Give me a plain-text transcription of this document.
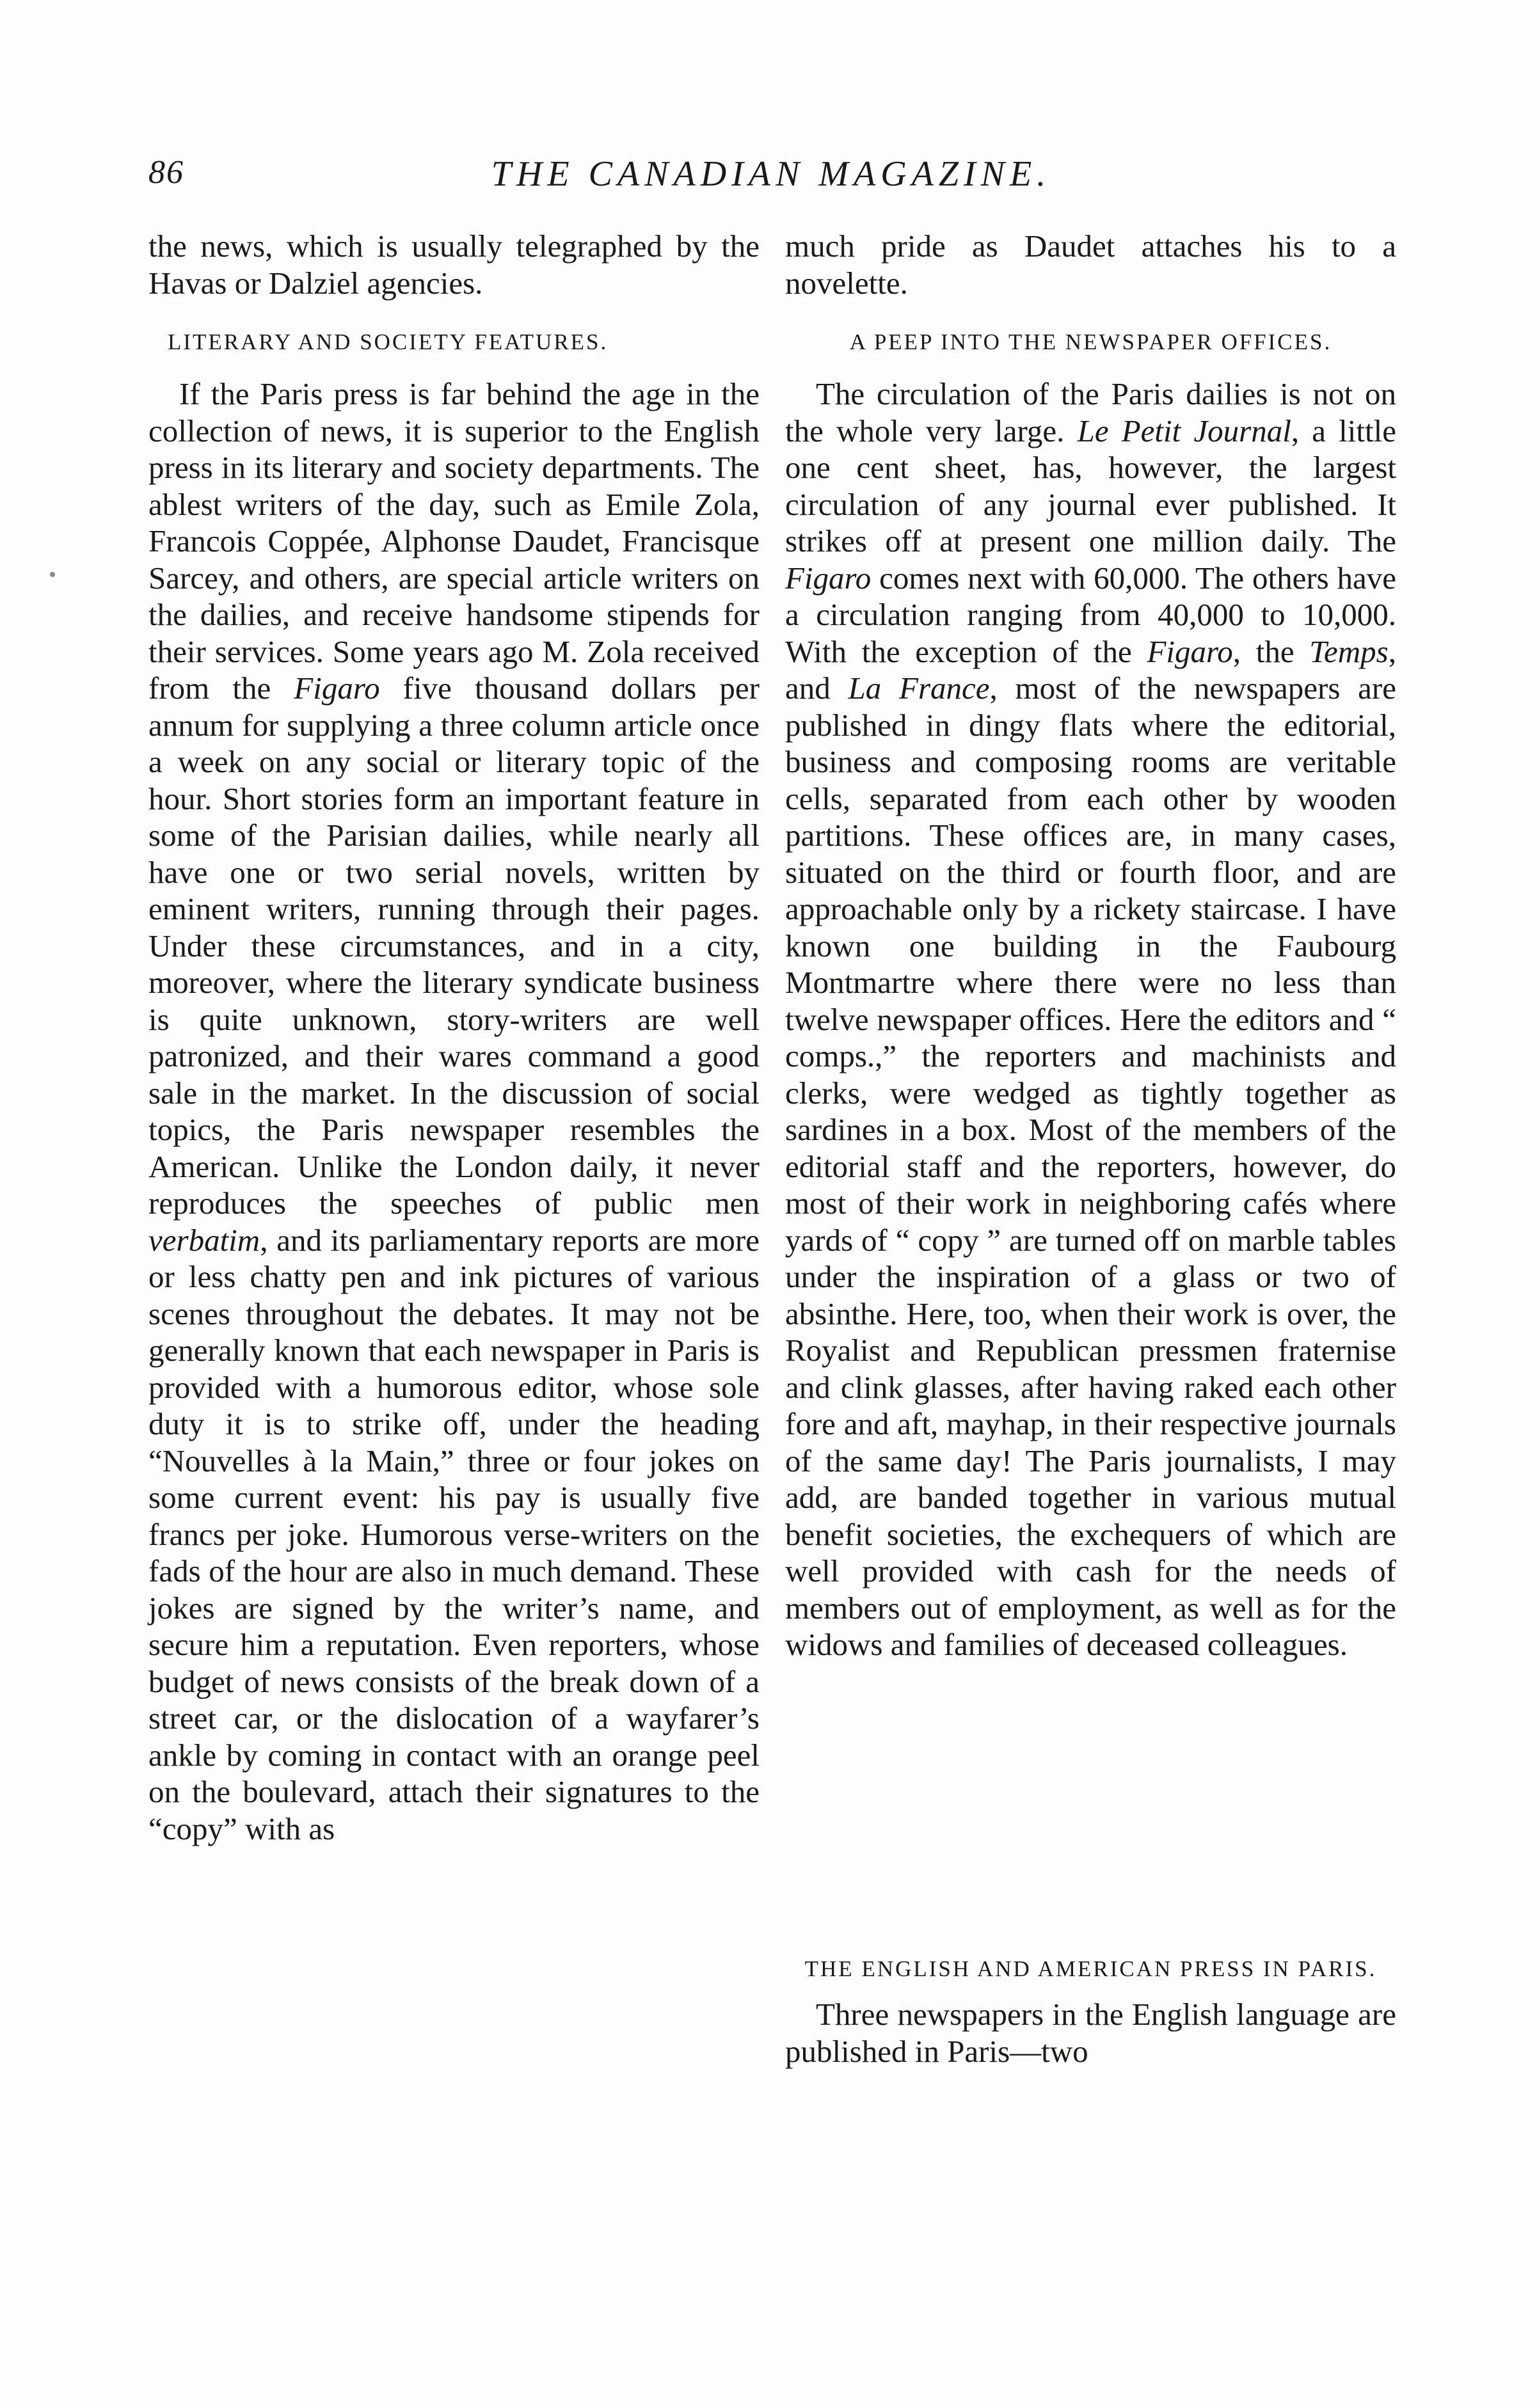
86	THE CANADIAN MAGAZINE.

the news, which is usually telegraphed by the Havas or Dalziel agencies.

LITERARY AND SOCIETY FEATURES.

If the Paris press is far behind the age in the collection of news, it is superior to the English press in its literary and society departments. The ablest writers of the day, such as Emile Zola, Francois Coppée, Alphonse Daudet, Francisque Sarcey, and others, are special article writers on the dailies, and receive handsome stipends for their services. Some years ago M. Zola received from the Figaro five thousand dollars per annum for supplying a three column article once a week on any social or literary topic of the hour. Short stories form an important feature in some of the Parisian dailies, while nearly all have one or two serial novels, written by eminent writers, running through their pages. Under these circumstances, and in a city, moreover, where the literary syndicate business is quite unknown, story-writers are well patronized, and their wares command a good sale in the market. In the discussion of social topics, the Paris newspaper resembles the American. Unlike the London daily, it never reproduces the speeches of public men verbatim, and its parliamentary reports are more or less chatty pen and ink pictures of various scenes throughout the debates. It may not be generally known that each newspaper in Paris is provided with a humorous editor, whose sole duty it is to strike off, under the heading “Nouvelles à la Main,” three or four jokes on some current event: his pay is usually five francs per joke. Humorous verse-writers on the fads of the hour are also in much demand. These jokes are signed by the writer’s name, and secure him a reputation. Even reporters, whose budget of news consists of the break down of a street car, or the dislocation of a wayfarer’s ankle by coming in contact with an orange peel on the boulevard, attach their signatures to the “copy” with as

much pride as Daudet attaches his to a novelette.

A PEEP INTO THE NEWSPAPER OFFICES.

The circulation of the Paris dailies is not on the whole very large. Le Petit Journal, a little one cent sheet, has, however, the largest circulation of any journal ever published. It strikes off at present one million daily. The Figaro comes next with 60,000. The others have a circulation ranging from 40,000 to 10,000. With the exception of the Figaro, the Temps, and La France, most of the newspapers are published in dingy flats where the editorial, business and composing rooms are veritable cells, separated from each other by wooden partitions. These offices are, in many cases, situated on the third or fourth floor, and are approachable only by a rickety staircase. I have known one building in the Faubourg Montmartre where there were no less than twelve newspaper offices. Here the editors and “ comps.,” the reporters and machinists and clerks, were wedged as tightly together as sardines in a box. Most of the members of the editorial staff and the reporters, however, do most of their work in neighboring cafés where yards of “ copy ” are turned off on marble tables under the inspiration of a glass or two of absinthe. Here, too, when their work is over, the Royalist and Republican pressmen fraternise and clink glasses, after having raked each other fore and aft, mayhap, in their respective journals of the same day! The Paris journalists, I may add, are banded together in various mutual benefit societies, the exchequers of which are well provided with cash for the needs of members out of employment, as well as for the widows and families of deceased colleagues.

THE ENGLISH AND AMERICAN PRESS IN PARIS.

Three newspapers in the English language are published in Paris—two
